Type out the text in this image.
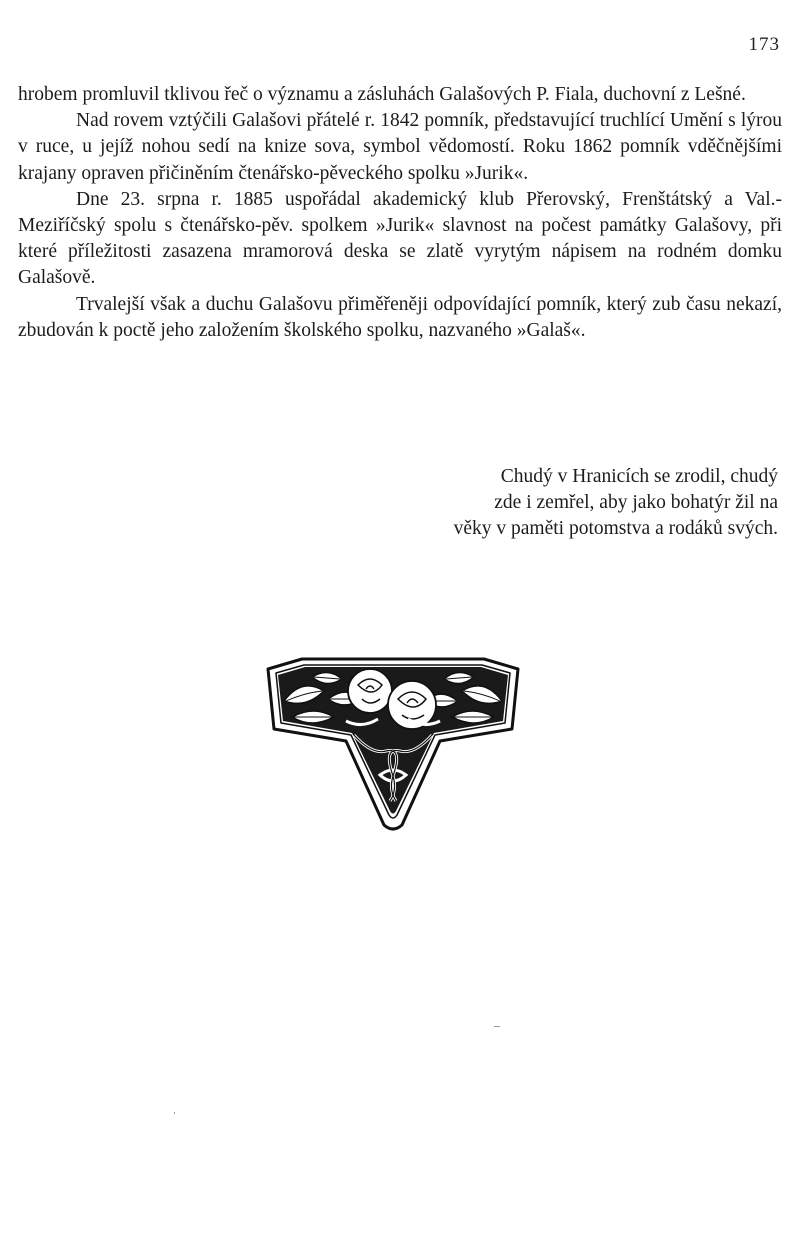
173

hrobem promluvil tklivou řeč o významu a zásluhách Galašových P. Fiala, duchovní z Lešné.

Nad rovem vztýčili Galašovi přátelé r. 1842 pomník, představující truchlící Umění s lýrou v ruce, u jejíž nohou sedí na knize sova, symbol vědomostí. Roku 1862 pomník vděčnějšími krajany opraven přičiněním čtenářsko-pěveckého spolku »Jurik«.

Dne 23. srpna r. 1885 uspořádal akademický klub Přerovský, Frenštátský a Val.-Meziříčský spolu s čtenářsko-pěv. spolkem »Jurik« slavnost na počest památky Galašovy, při které příležitosti zasazena mramorová deska se zlatě vyrytým nápisem na rodném domku Galašově.

Trvalejší však a duchu Galašovu přiměřeněji odpovídající pomník, který zub času nekazí, zbudován k poctě jeho založením školského spolku, nazvaného »Galaš«.

Chudý v Hranicích se zrodil, chudý
zde i zemřel, aby jako bohatýr žil na
věky v paměti potomstva a rodáků svých.
